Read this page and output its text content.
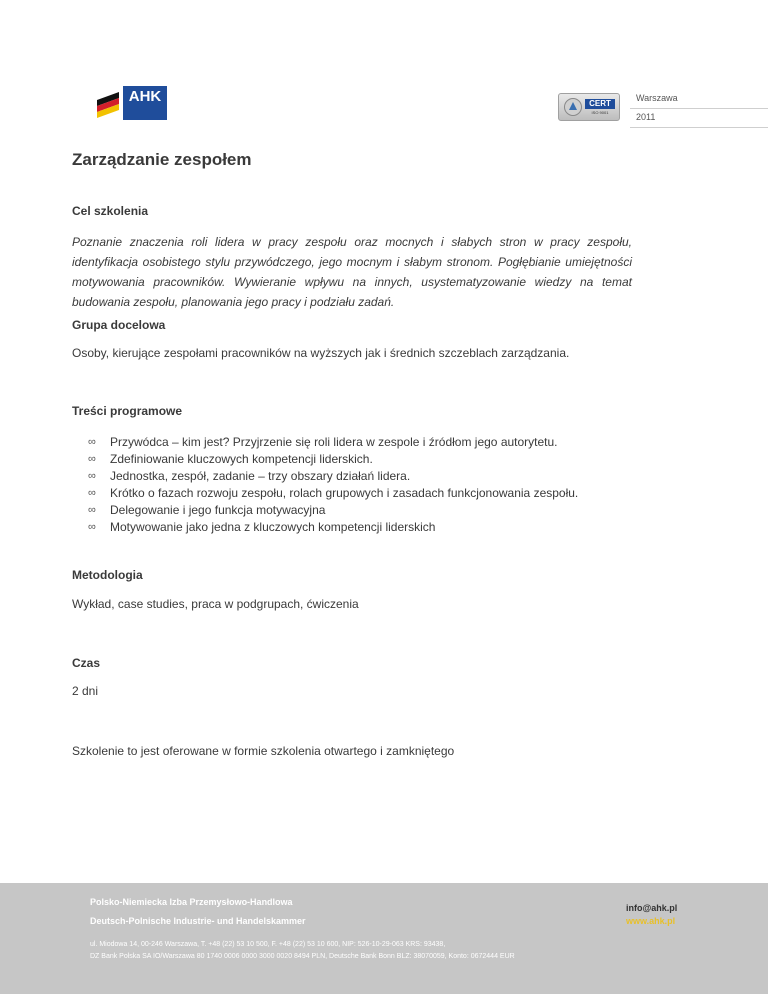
AHK	CERT
ISO 9001
Warszawa
2011
Zarządzanie zespołem
Cel szkolenia

Poznanie znaczenia roli lidera w pracy zespołu oraz mocnych i słabych stron w pracy zespołu, identyfikacja osobistego stylu przywódczego, jego mocnym i słabym stronom. Pogłębianie umiejętności motywowania pracowników. Wywieranie wpływu na innych, usystematyzowanie wiedzy na temat budowania zespołu, planowania jego pracy i podziału zadań.

Grupa docelowa

Osoby, kierujące zespołami pracowników na wyższych jak i średnich szczeblach zarządzania.

Treści programowe
∞	Przywódca – kim jest? Przyjrzenie się roli lidera w zespole i źródłom jego autorytetu.
∞	Zdefiniowanie kluczowych kompetencji liderskich.
∞	Jednostka, zespół, zadanie – trzy obszary działań lidera.
∞	Krótko o fazach rozwoju zespołu, rolach grupowych i zasadach funkcjonowania zespołu.
∞	Delegowanie i jego funkcja motywacyjna
∞	Motywowanie jako jedna z kluczowych kompetencji liderskich
Metodologia

Wykład, case studies, praca w podgrupach, ćwiczenia

Czas

2 dni

Szkolenie to jest oferowane w formie szkolenia otwartego i zamkniętego

Polsko-Niemiecka Izba Przemysłowo-Handlowa
Deutsch-Polnische Industrie- und Handelskammer
ul. Miodowa 14, 00-246 Warszawa, T. +48 (22) 53 10 500, F. +48 (22) 53 10 600, NIP: 526-10-29-063 KRS: 93438,
DZ Bank Polska SA IO/Warszawa 80 1740 0006 0000 3000 0020 8494 PLN, Deutsche Bank Bonn BLZ: 38070059, Konto: 0672444 EUR
info@ahk.pl
www.ahk.pl
